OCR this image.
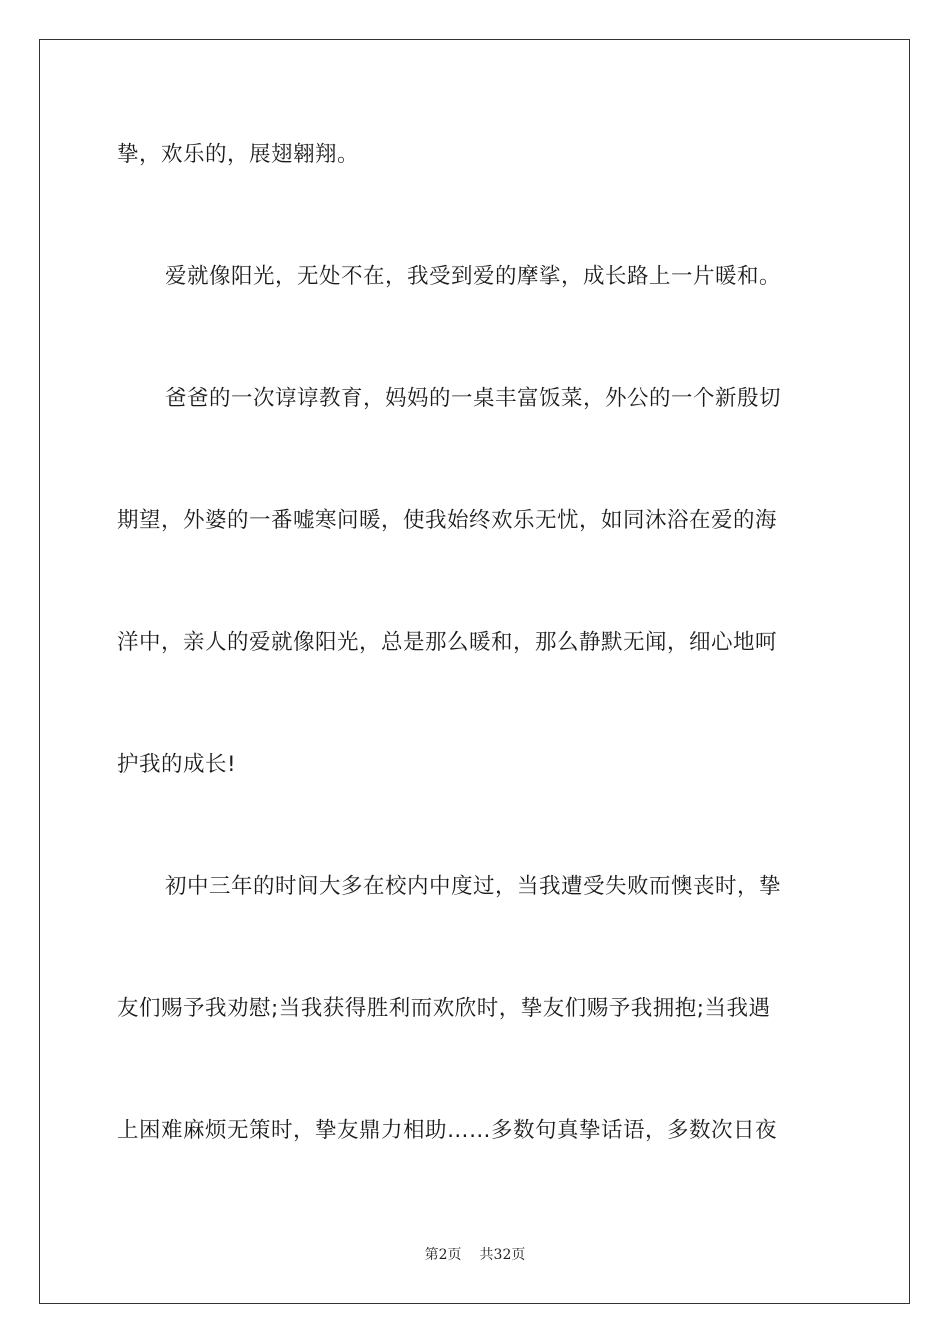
挚，欢乐的，展翅翱翔。
爱就像阳光，无处不在，我受到爱的摩挲，成长路上一片暖和。
爸爸的一次谆谆教育，妈妈的一桌丰富饭菜，外公的一个新殷切
期望，外婆的一番嘘寒问暖，使我始终欢乐无忧，如同沐浴在爱的海
洋中，亲人的爱就像阳光，总是那么暖和，那么静默无闻，细心地呵
护我的成长!
初中三年的时间大多在校内中度过，当我遭受失败而懊丧时，挚
友们赐予我劝慰;当我获得胜利而欢欣时，挚友们赐予我拥抱;当我遇
上困难麻烦无策时，挚友鼎力相助……多数句真挚话语，多数次日夜
第2页 共32页
